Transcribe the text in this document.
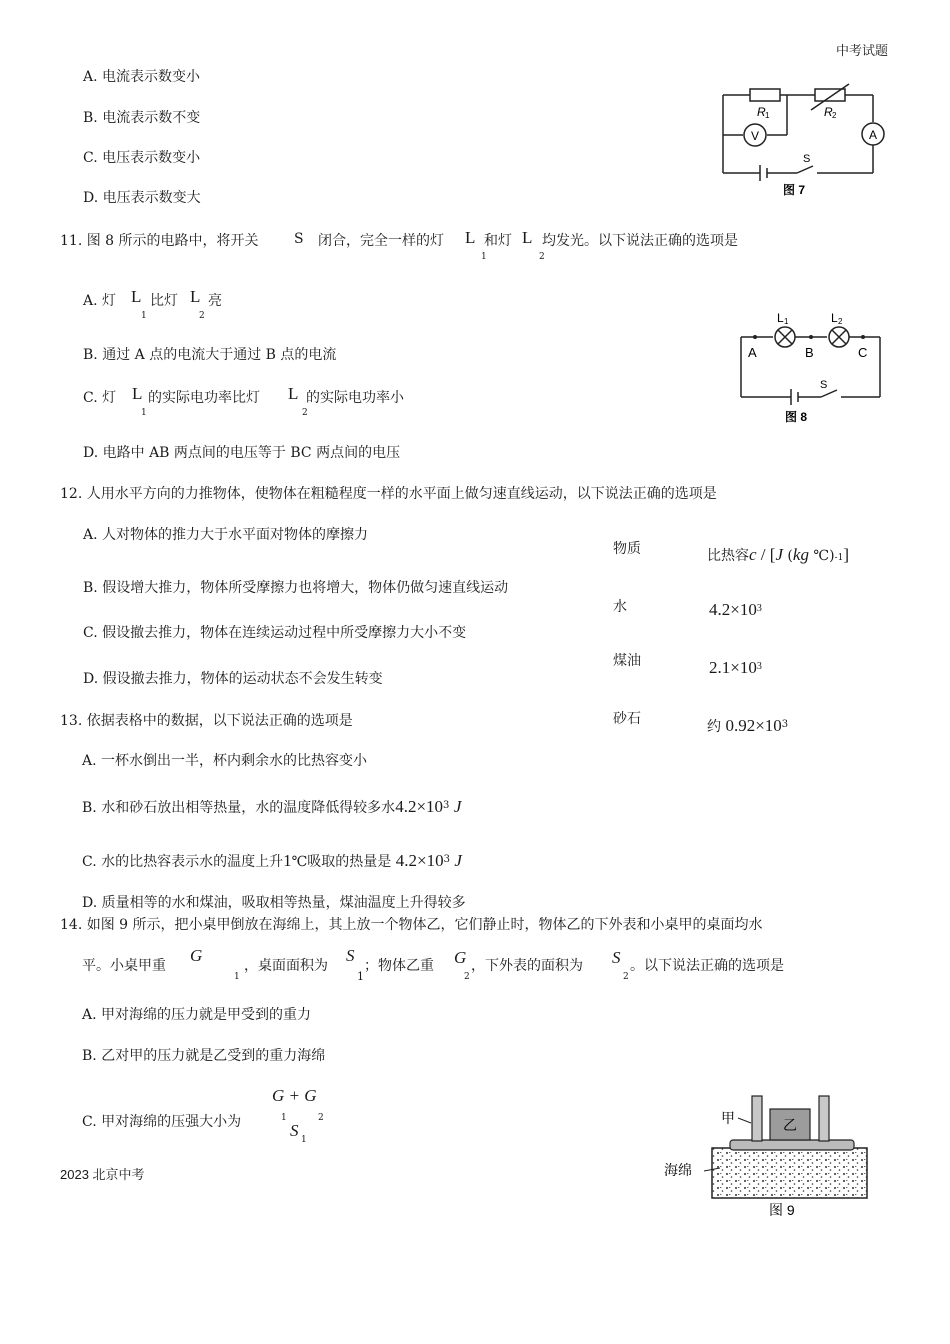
中考试题
2023 北京中考
A. 电流表示数变小
B. 电流表示数不变
C. 电压表示数变小
D. 电压表示数变大
V	A
R 1	R 2
S
图 7
11. 图 8 所示的电路中，将开关	S 闭合，完全一样的灯 L
1
和灯 L
2
均发光。以下说法正确的选项是
A. 灯 L
1
比灯 L
2
亮
B. 通过 A 点的电流大于通过 B 点的电流
C. 灯 L
1
的实际电功率比灯 L
2
的实际电功率小
D. 电路中 AB 两点间的电压等于 BC 两点间的电压
L 1	L 2
A	B	C
S
图 8
12. 人用水平方向的力推物体，使物体在粗糙程度一样的水平面上做匀速直线运动，以下说法正确的选项是
A. 人对物体的推力大于水平面对物体的摩擦力
B. 假设增大推力，物体所受摩擦力也将增大，物体仍做匀速直线运动
C. 假设撤去推力，物体在连续运动过程中所受摩擦力大小不变
D. 假设撤去推力，物体的运动状态不会发生转变
物质	比热容c / [J (kg ℃)-1]
水	$4.2\times 10^3$
煤油	$2.1\times 10^3$
砂石	约 $0.92\times 10^3$
13. 依据表格中的数据，以下说法正确的选项是
A. 一杯水倒出一半，杯内剩余水的比热容变小
B. 水和砂石放出相等热量，水的温度降低得较多水$4.2\times 10^3$ J
C. 水的比热容表示水的温度上升1℃吸取的热量是 $4.2\times 10^3$ J
D. 质量相等的水和煤油，吸取相等热量，煤油温度上升得较多
14. 如图 9 所示，把小桌甲倒放在海绵上，其上放一个物体乙，它们静止时，物体乙的下外表和小桌甲的桌面均水
平。小桌甲重
G
1
，桌面面积为
S
1
；物体乙重 G
2
，下外表的面积为 S
2
。以下说法正确的选项是
A. 甲对海绵的压力就是甲受到的重力
B. 乙对甲的压力就是乙受到的重力海绵
C. 甲对海绵的压强大小为
G + G
1	2
S 1
甲	乙
海绵
图 9
